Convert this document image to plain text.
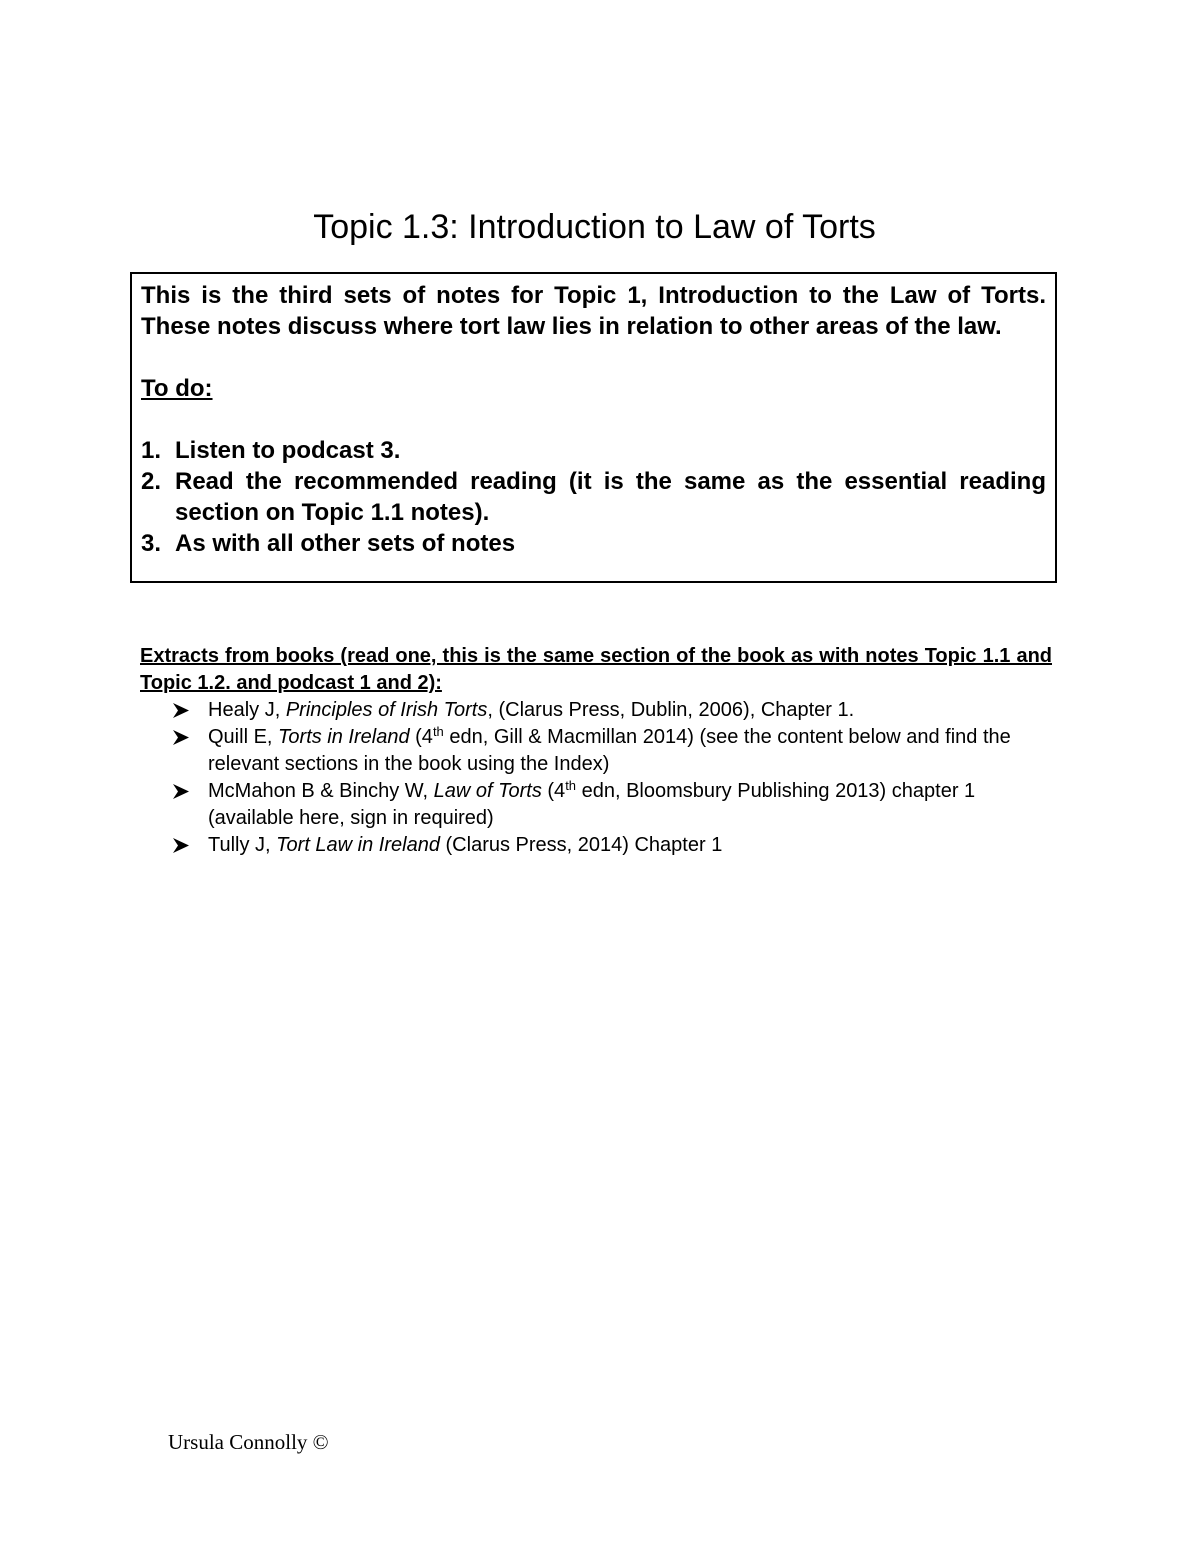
Topic 1.3: Introduction to Law of Torts

This is the third sets of notes for Topic 1, Introduction to the Law of Torts. These notes discuss where tort law lies in relation to other areas of the law.

To do:

1. Listen to podcast 3.
2. Read the recommended reading (it is the same as the essential reading section on Topic 1.1 notes).
3. As with all other sets of notes

Extracts from books (read one, this is the same section of the book as with notes Topic 1.1 and Topic 1.2. and podcast 1 and 2):

Healy J, Principles of Irish Torts, (Clarus Press, Dublin, 2006), Chapter 1.
Quill E, Torts in Ireland (4th edn, Gill & Macmillan 2014) (see the content below and find the relevant sections in the book using the Index)
McMahon B & Binchy W, Law of Torts (4th edn, Bloomsbury Publishing 2013) chapter 1 (available here, sign in required)
Tully J, Tort Law in Ireland (Clarus Press, 2014) Chapter 1
Ursula Connolly ©
